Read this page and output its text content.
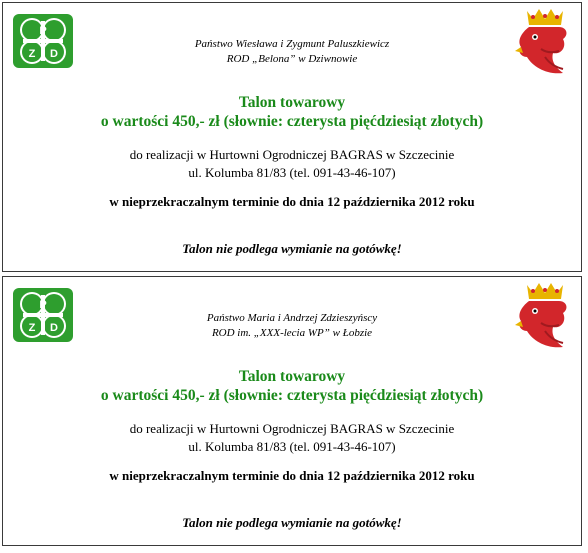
P
Z D
Państwo Wiesława i Zygmunt Paluszkiewicz
ROD „Belona” w Dziwnowie
Talon towarowy
o wartości 450,- zł (słownie: czterysta pięćdziesiąt złotych)
do realizacji w Hurtowni Ogrodniczej BAGRAS w Szczecinie
ul. Kolumba 81/83 (tel. 091-43-46-107)
w nieprzekraczalnym terminie do dnia 12 października 2012 roku
Talon nie podlega wymianie na gotówkę!
P
Z D
Państwo Maria i Andrzej Zdzieszyńscy
ROD im. „XXX-lecia WP” w Łobzie
Talon towarowy
o wartości 450,- zł (słownie: czterysta pięćdziesiąt złotych)
do realizacji w Hurtowni Ogrodniczej BAGRAS w Szczecinie
ul. Kolumba 81/83 (tel. 091-43-46-107)
w nieprzekraczalnym terminie do dnia 12 października 2012 roku
Talon nie podlega wymianie na gotówkę!
